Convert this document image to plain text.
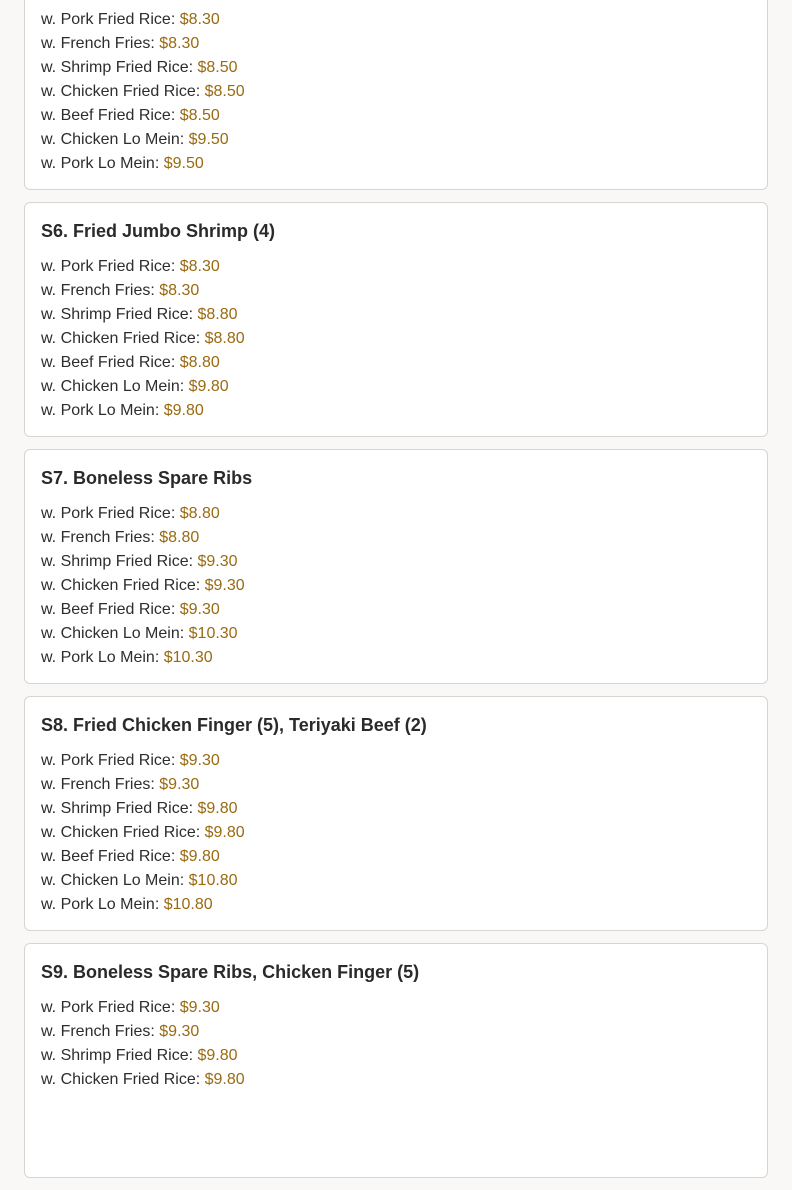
w. Pork Fried Rice: $8.30
w. French Fries: $8.30
w. Shrimp Fried Rice: $8.50
w. Chicken Fried Rice: $8.50
w. Beef Fried Rice: $8.50
w. Chicken Lo Mein: $9.50
w. Pork Lo Mein: $9.50
S6. Fried Jumbo Shrimp (4)
w. Pork Fried Rice: $8.30
w. French Fries: $8.30
w. Shrimp Fried Rice: $8.80
w. Chicken Fried Rice: $8.80
w. Beef Fried Rice: $8.80
w. Chicken Lo Mein: $9.80
w. Pork Lo Mein: $9.80
S7. Boneless Spare Ribs
w. Pork Fried Rice: $8.80
w. French Fries: $8.80
w. Shrimp Fried Rice: $9.30
w. Chicken Fried Rice: $9.30
w. Beef Fried Rice: $9.30
w. Chicken Lo Mein: $10.30
w. Pork Lo Mein: $10.30
S8. Fried Chicken Finger (5), Teriyaki Beef (2)
w. Pork Fried Rice: $9.30
w. French Fries: $9.30
w. Shrimp Fried Rice: $9.80
w. Chicken Fried Rice: $9.80
w. Beef Fried Rice: $9.80
w. Chicken Lo Mein: $10.80
w. Pork Lo Mein: $10.80
S9. Boneless Spare Ribs, Chicken Finger (5)
w. Pork Fried Rice: $9.30
w. French Fries: $9.30
w. Shrimp Fried Rice: $9.80
w. Chicken Fried Rice: $9.80
